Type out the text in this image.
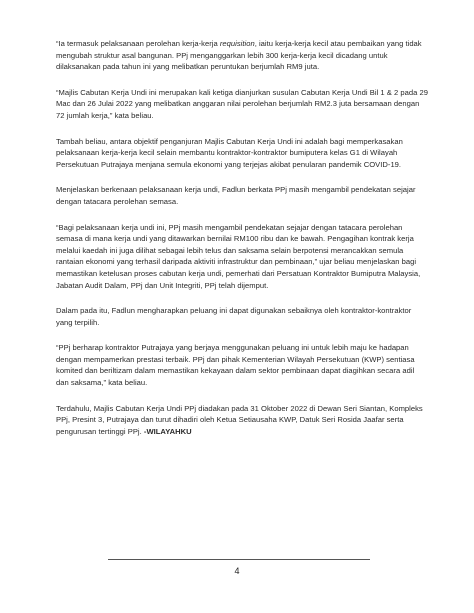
“Ia termasuk pelaksanaan perolehan kerja-kerja requisition, iaitu kerja-kerja kecil atau pembaikan yang tidak mengubah struktur asal bangunan. PPj menganggarkan lebih 300 kerja-kerja kecil dicadang untuk dilaksanakan pada tahun ini yang melibatkan peruntukan berjumlah RM9 juta.

“Majlis Cabutan Kerja Undi ini merupakan kali ketiga dianjurkan susulan Cabutan Kerja Undi Bil 1 & 2 pada 29 Mac dan 26 Julai 2022 yang melibatkan anggaran nilai perolehan berjumlah RM2.3 juta bersamaan dengan 72 jumlah kerja,” kata beliau.

Tambah beliau, antara objektif penganjuran Majlis Cabutan Kerja Undi ini adalah bagi memperkasakan pelaksanaan kerja-kerja kecil selain membantu kontraktor-kontraktor bumiputera kelas G1 di Wilayah Persekutuan Putrajaya menjana semula ekonomi yang terjejas akibat penularan pandemik COVID-19.

Menjelaskan berkenaan pelaksanaan kerja undi, Fadlun berkata PPj masih mengambil pendekatan sejajar dengan tatacara perolehan semasa.

“Bagi pelaksanaan kerja undi ini, PPj masih mengambil pendekatan sejajar dengan tatacara perolehan semasa di mana kerja undi yang ditawarkan bernilai RM100 ribu dan ke bawah. Pengagihan kontrak kerja melalui kaedah ini juga dilihat sebagai lebih telus dan saksama selain berpotensi merancakkan semula rantaian ekonomi yang terhasil daripada aktiviti infrastruktur dan pembinaan,” ujar beliau menjelaskan bagi memastikan ketelusan proses cabutan kerja undi, pemerhati dari Persatuan Kontraktor Bumiputra Malaysia, Jabatan Audit Dalam, PPj dan Unit Integriti, PPj telah dijemput.

Dalam pada itu, Fadlun mengharapkan peluang ini dapat digunakan sebaiknya oleh kontraktor-kontraktor yang terpilih.

“PPj berharap kontraktor Putrajaya yang berjaya menggunakan peluang ini untuk lebih maju ke hadapan dengan mempamerkan prestasi terbaik. PPj dan pihak Kementerian Wilayah Persekutuan (KWP) sentiasa komited dan beriltizam dalam memastikan kekayaan dalam sektor pembinaan dapat diagihkan secara adil dan saksama,” kata beliau.

Terdahulu, Majlis Cabutan Kerja Undi PPj diadakan pada 31 Oktober 2022 di Dewan Seri Siantan, Kompleks PPj, Presint 3, Putrajaya dan turut dihadiri oleh Ketua Setiausaha KWP, Datuk Seri Rosida Jaafar serta pengurusan tertinggi PPj. -WILAYAHKU

4
